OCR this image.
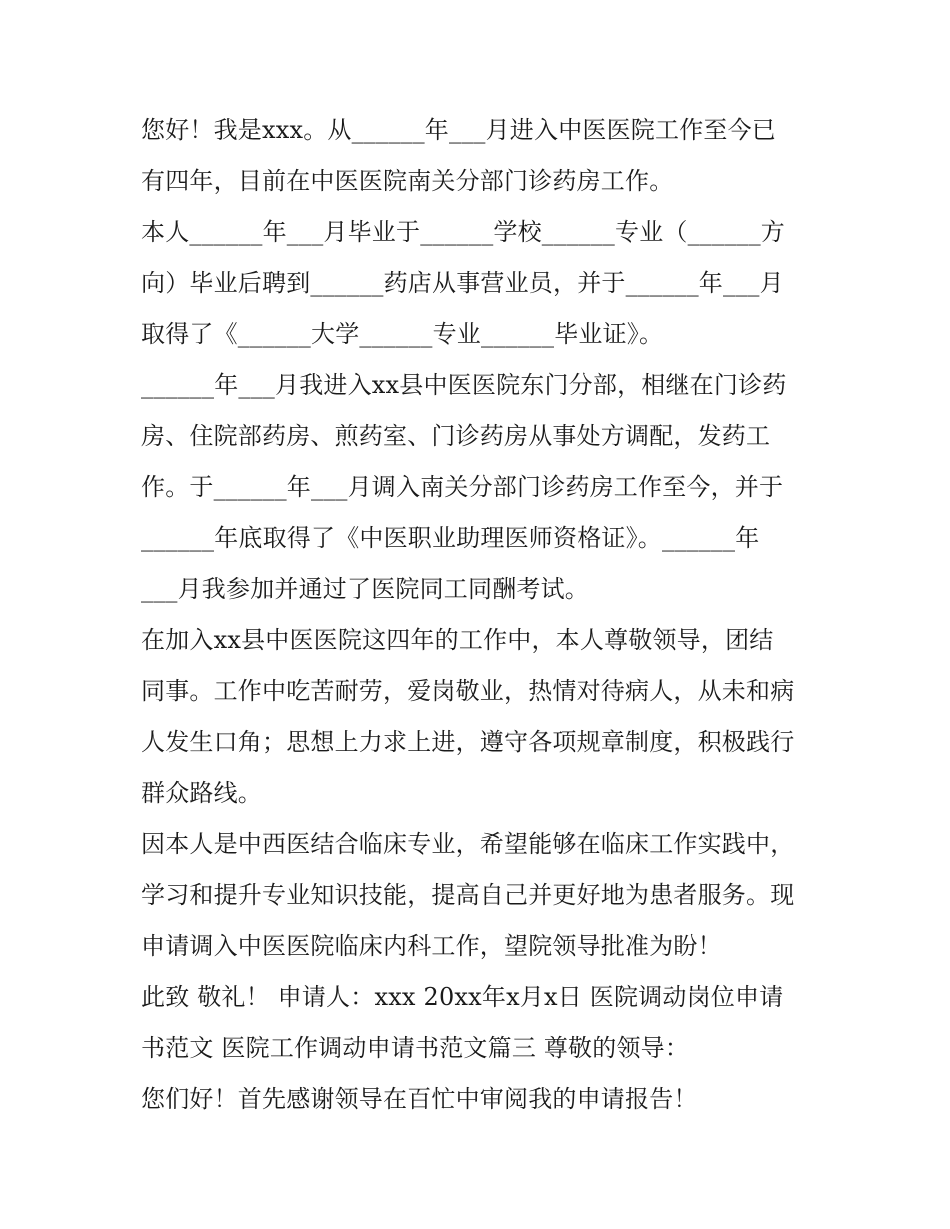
您好！我是xxx。从______年___月进入中医医院工作至今已
有四年，目前在中医医院南关分部门诊药房工作。
本人______年___月毕业于______学校______专业（______方
向）毕业后聘到______药店从事营业员，并于______年___月
取得了《______大学______专业______毕业证》。
______年___月我进入xx县中医医院东门分部，相继在门诊药
房、住院部药房、煎药室、门诊药房从事处方调配，发药工
作。于______年___月调入南关分部门诊药房工作至今，并于
______年底取得了《中医职业助理医师资格证》。______年
___月我参加并通过了医院同工同酬考试。
在加入xx县中医医院这四年的工作中，本人尊敬领导，团结
同事。工作中吃苦耐劳，爱岗敬业，热情对待病人，从未和病
人发生口角；思想上力求上进，遵守各项规章制度，积极践行
群众路线。
因本人是中西医结合临床专业，希望能够在临床工作实践中，
学习和提升专业知识技能，提高自己并更好地为患者服务。现
申请调入中医医院临床内科工作，望院领导批准为盼！
此致 敬礼！ 申请人：xxx 20xx年x月x日 医院调动岗位申请
书范文 医院工作调动申请书范文篇三 尊敬的领导：
您们好！首先感谢领导在百忙中审阅我的申请报告！
